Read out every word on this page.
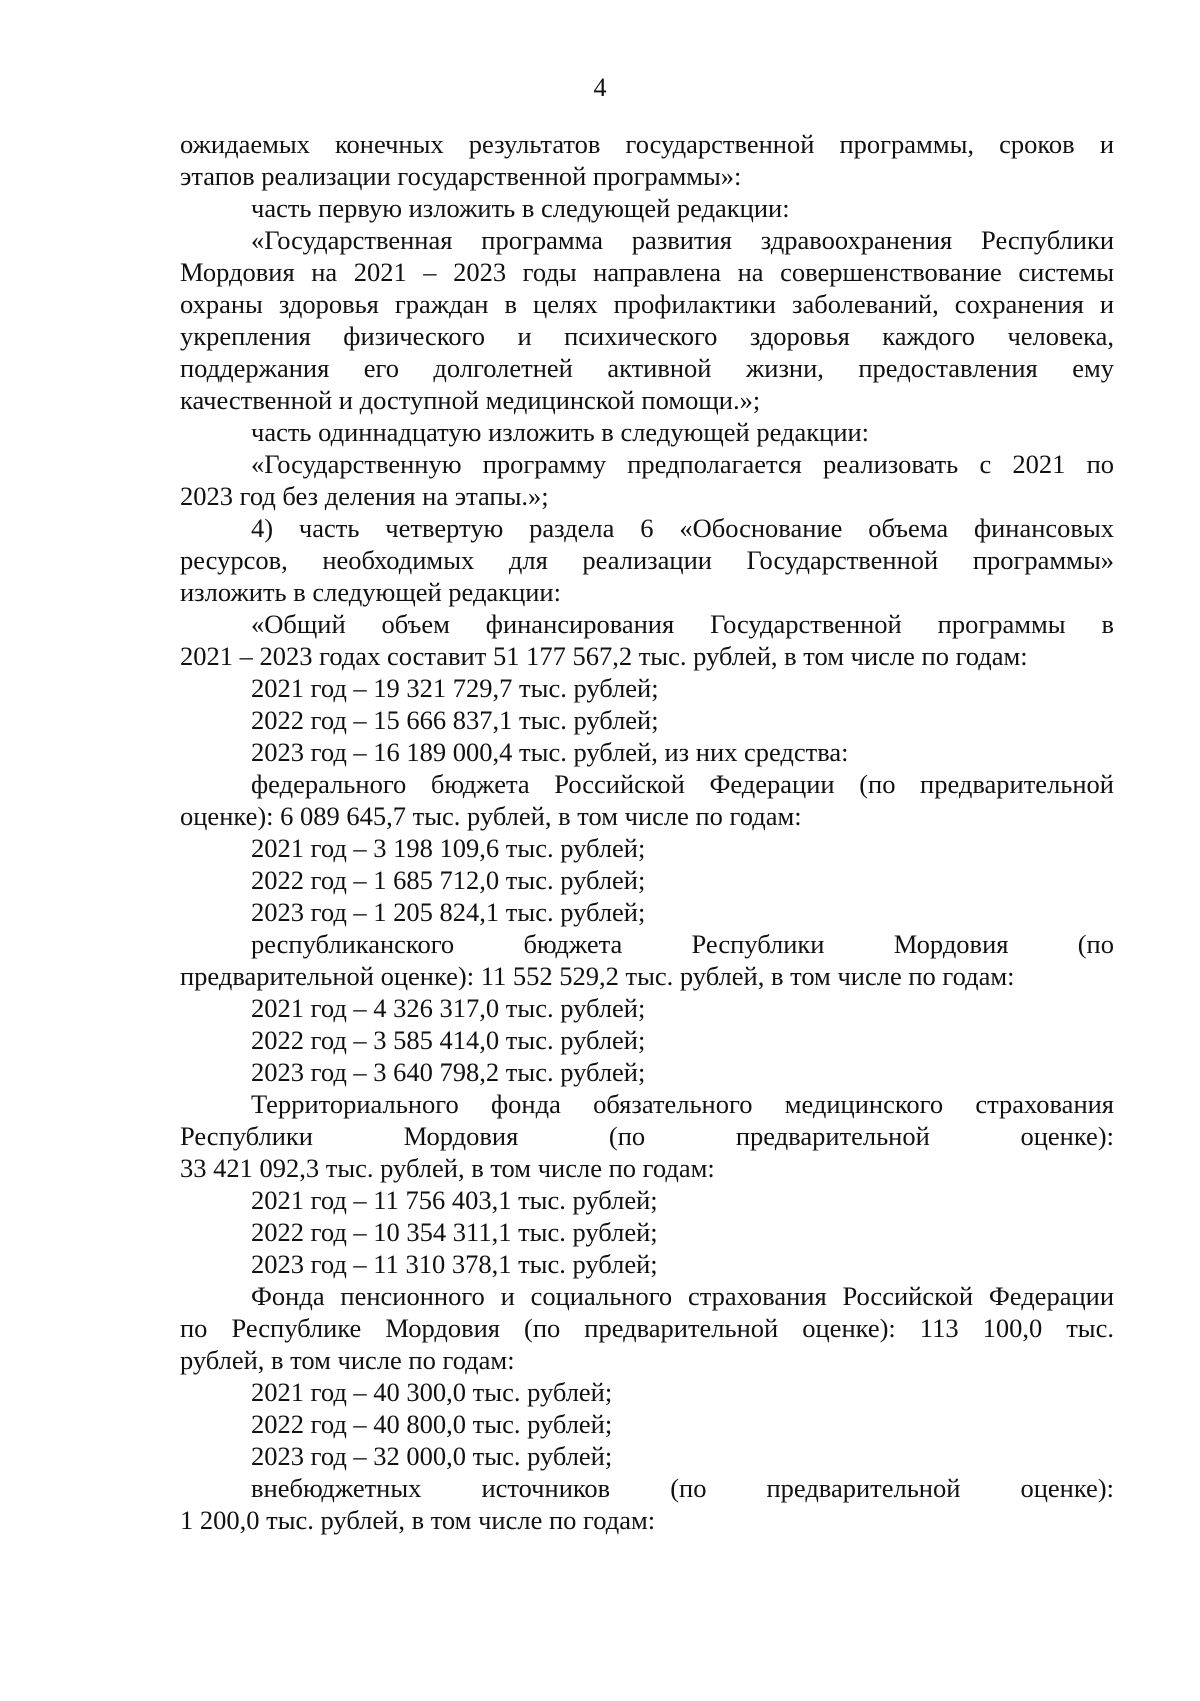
4
ожидаемых конечных результатов государственной программы, сроков и
этапов реализации государственной программы»:
часть первую изложить в следующей редакции:
«Государственная программа развития здравоохранения Республики
Мордовия на 2021 – 2023 годы направлена на совершенствование системы
охраны здоровья граждан в целях профилактики заболеваний, сохранения и
укрепления физического и психического здоровья каждого человека,
поддержания его долголетней активной жизни, предоставления ему
качественной и доступной медицинской помощи.»;
часть одиннадцатую изложить в следующей редакции:
«Государственную программу предполагается реализовать с 2021 по
2023 год без деления на этапы.»;
4) часть четвертую раздела 6 «Обоснование объема финансовых
ресурсов, необходимых для реализации Государственной программы»
изложить в следующей редакции:
«Общий объем финансирования Государственной программы в
2021 – 2023 годах составит 51 177 567,2 тыс. рублей, в том числе по годам:
2021 год – 19 321 729,7 тыс. рублей;
2022 год – 15 666 837,1 тыс. рублей;
2023 год – 16 189 000,4 тыс. рублей, из них средства:
федерального бюджета Российской Федерации (по предварительной
оценке): 6 089 645,7 тыс. рублей, в том числе по годам:
2021 год – 3 198 109,6 тыс. рублей;
2022 год – 1 685 712,0 тыс. рублей;
2023 год – 1 205 824,1 тыс. рублей;
республиканского бюджета Республики Мордовия (по
предварительной оценке): 11 552 529,2 тыс. рублей, в том числе по годам:
2021 год – 4 326 317,0 тыс. рублей;
2022 год – 3 585 414,0 тыс. рублей;
2023 год – 3 640 798,2 тыс. рублей;
Территориального фонда обязательного медицинского страхования
Республики Мордовия (по предварительной оценке):
33 421 092,3 тыс. рублей, в том числе по годам:
2021 год – 11 756 403,1 тыс. рублей;
2022 год – 10 354 311,1 тыс. рублей;
2023 год – 11 310 378,1 тыс. рублей;
Фонда пенсионного и социального страхования Российской Федерации
по Республике Мордовия (по предварительной оценке): 113 100,0 тыс.
рублей, в том числе по годам:
2021 год – 40 300,0 тыс. рублей;
2022 год – 40 800,0 тыс. рублей;
2023 год – 32 000,0 тыс. рублей;
внебюджетных источников (по предварительной оценке):
1 200,0 тыс. рублей, в том числе по годам:
